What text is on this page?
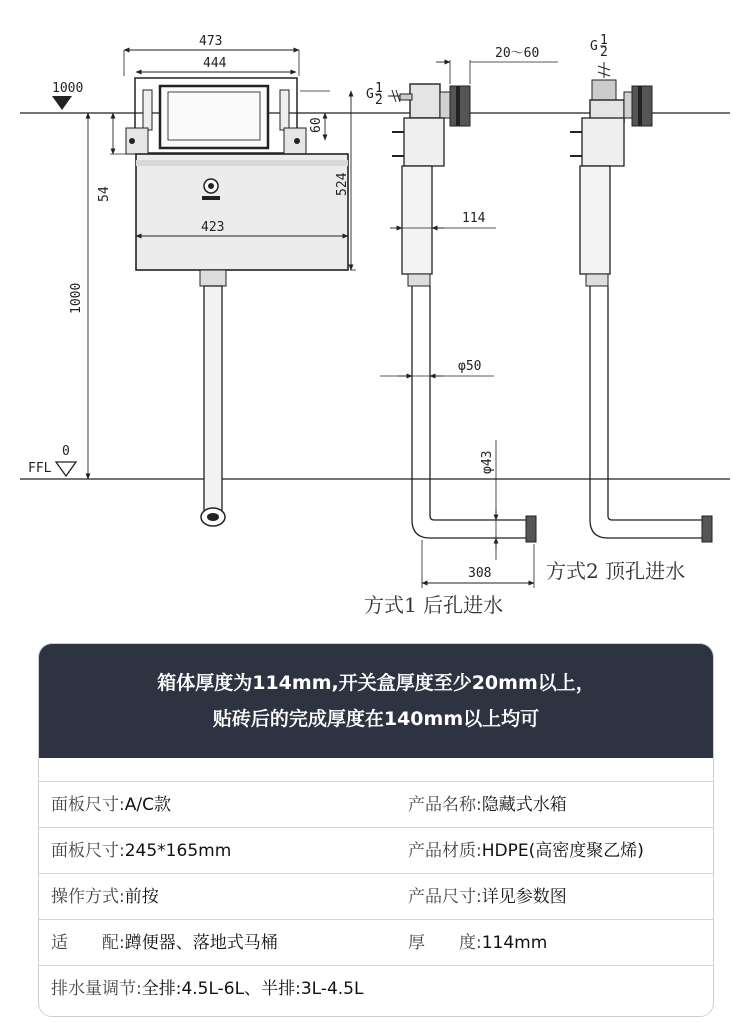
1000
0
FFL
473
444
423
60
524
54
1000
G 1
2
20～60
114
φ50
φ43
308
方式1 后孔进水
G 1
2
方式2 顶孔进水
箱体厚度为114mm,开关盒厚度至少20mm以上，
贴砖后的完成厚度在140mm以上均可
面板尺寸:A/C款	产品名称:隐藏式水箱
面板尺寸:245*165mm	产品材质:HDPE(高密度聚乙烯)
操作方式:前按	产品尺寸:详见参数图
适　　配:蹲便器、落地式马桶	厚　　度:114mm
排水量调节:全排:4.5L-6L、半排:3L-4.5L
